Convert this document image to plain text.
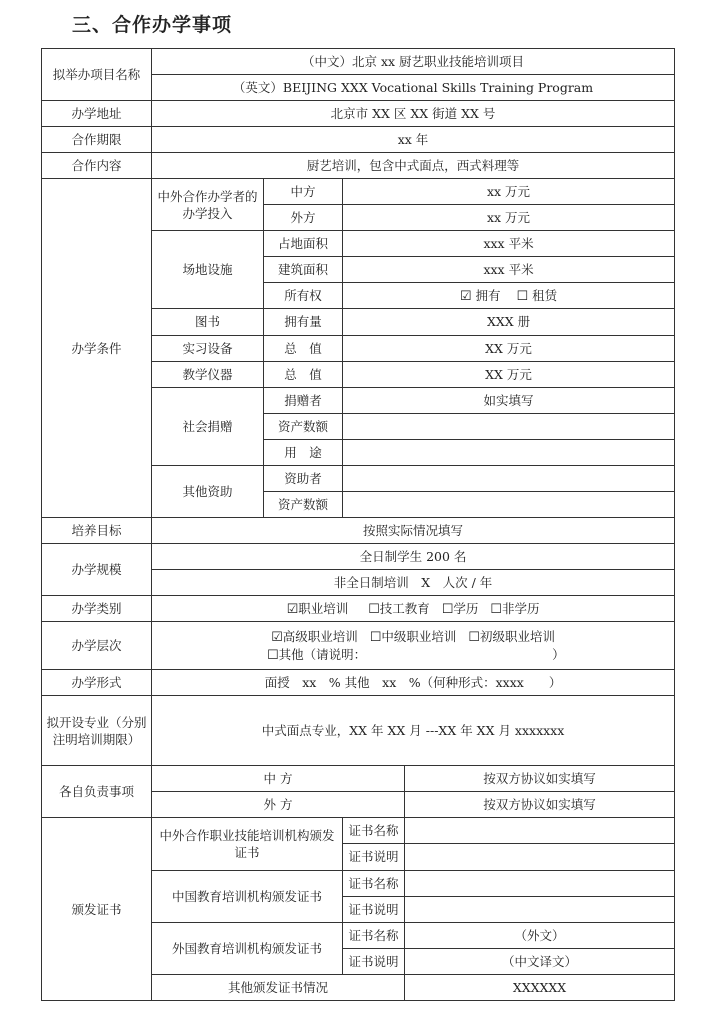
三、合作办学事项
拟举办项目名称	（中文）北京 xx 厨艺职业技能培训项目			
	（英文）BEIJING XXX Vocational Skills Training Program			
办学地址	北京市 XX 区 XX 街道 XX 号			
合作期限	xx 年			
合作内容	厨艺培训，包含中式面点，西式料理等			
办学条件	中外合作办学者的办学投入	中方	xx 万元	
		外方	xx 万元	
	场地设施	占地面积	xxx 平米	
		建筑面积	xxx 平米	
		所有权	☑ 拥有 ☐ 租赁	
	图书	拥有量	XXX 册	
	实习设备	总　值	XX 万元	
	教学仪器	总　值	XX 万元	
	社会捐赠	捐赠者	如实填写	
		资产数额		
		用　途		
	其他资助	资助者		
		资产数额		
培养目标	按照实际情况填写			
办学规模	全日制学生 200 名			
	非全日制培训　X　人次 / 年			
办学类别	☑职业培训 ☐技工教育 ☐学历 ☐非学历			
办学层次	☑高级职业培训 ☐中级职业培训 ☐初级职业培训
☐其他（请说明： ）			

办学形式	面授　xx　% 其他　xx　%（何种形式：xxxx　　）			
拟开设专业（分别注明培训期限）	中式面点专业，XX 年 XX 月 ---XX 年 XX 月 xxxxxxx			
各自负责事项	中 方			按双方协议如实填写
	外 方			按双方协议如实填写
颁发证书	中外合作职业技能培训机构颁发证书		证书名称	
			证书说明	
	中国教育培训机构颁发证书		证书名称	
			证书说明	
	外国教育培训机构颁发证书		证书名称	（外文）
			证书说明	（中文译文）
	其他颁发证书情况			XXXXXX
